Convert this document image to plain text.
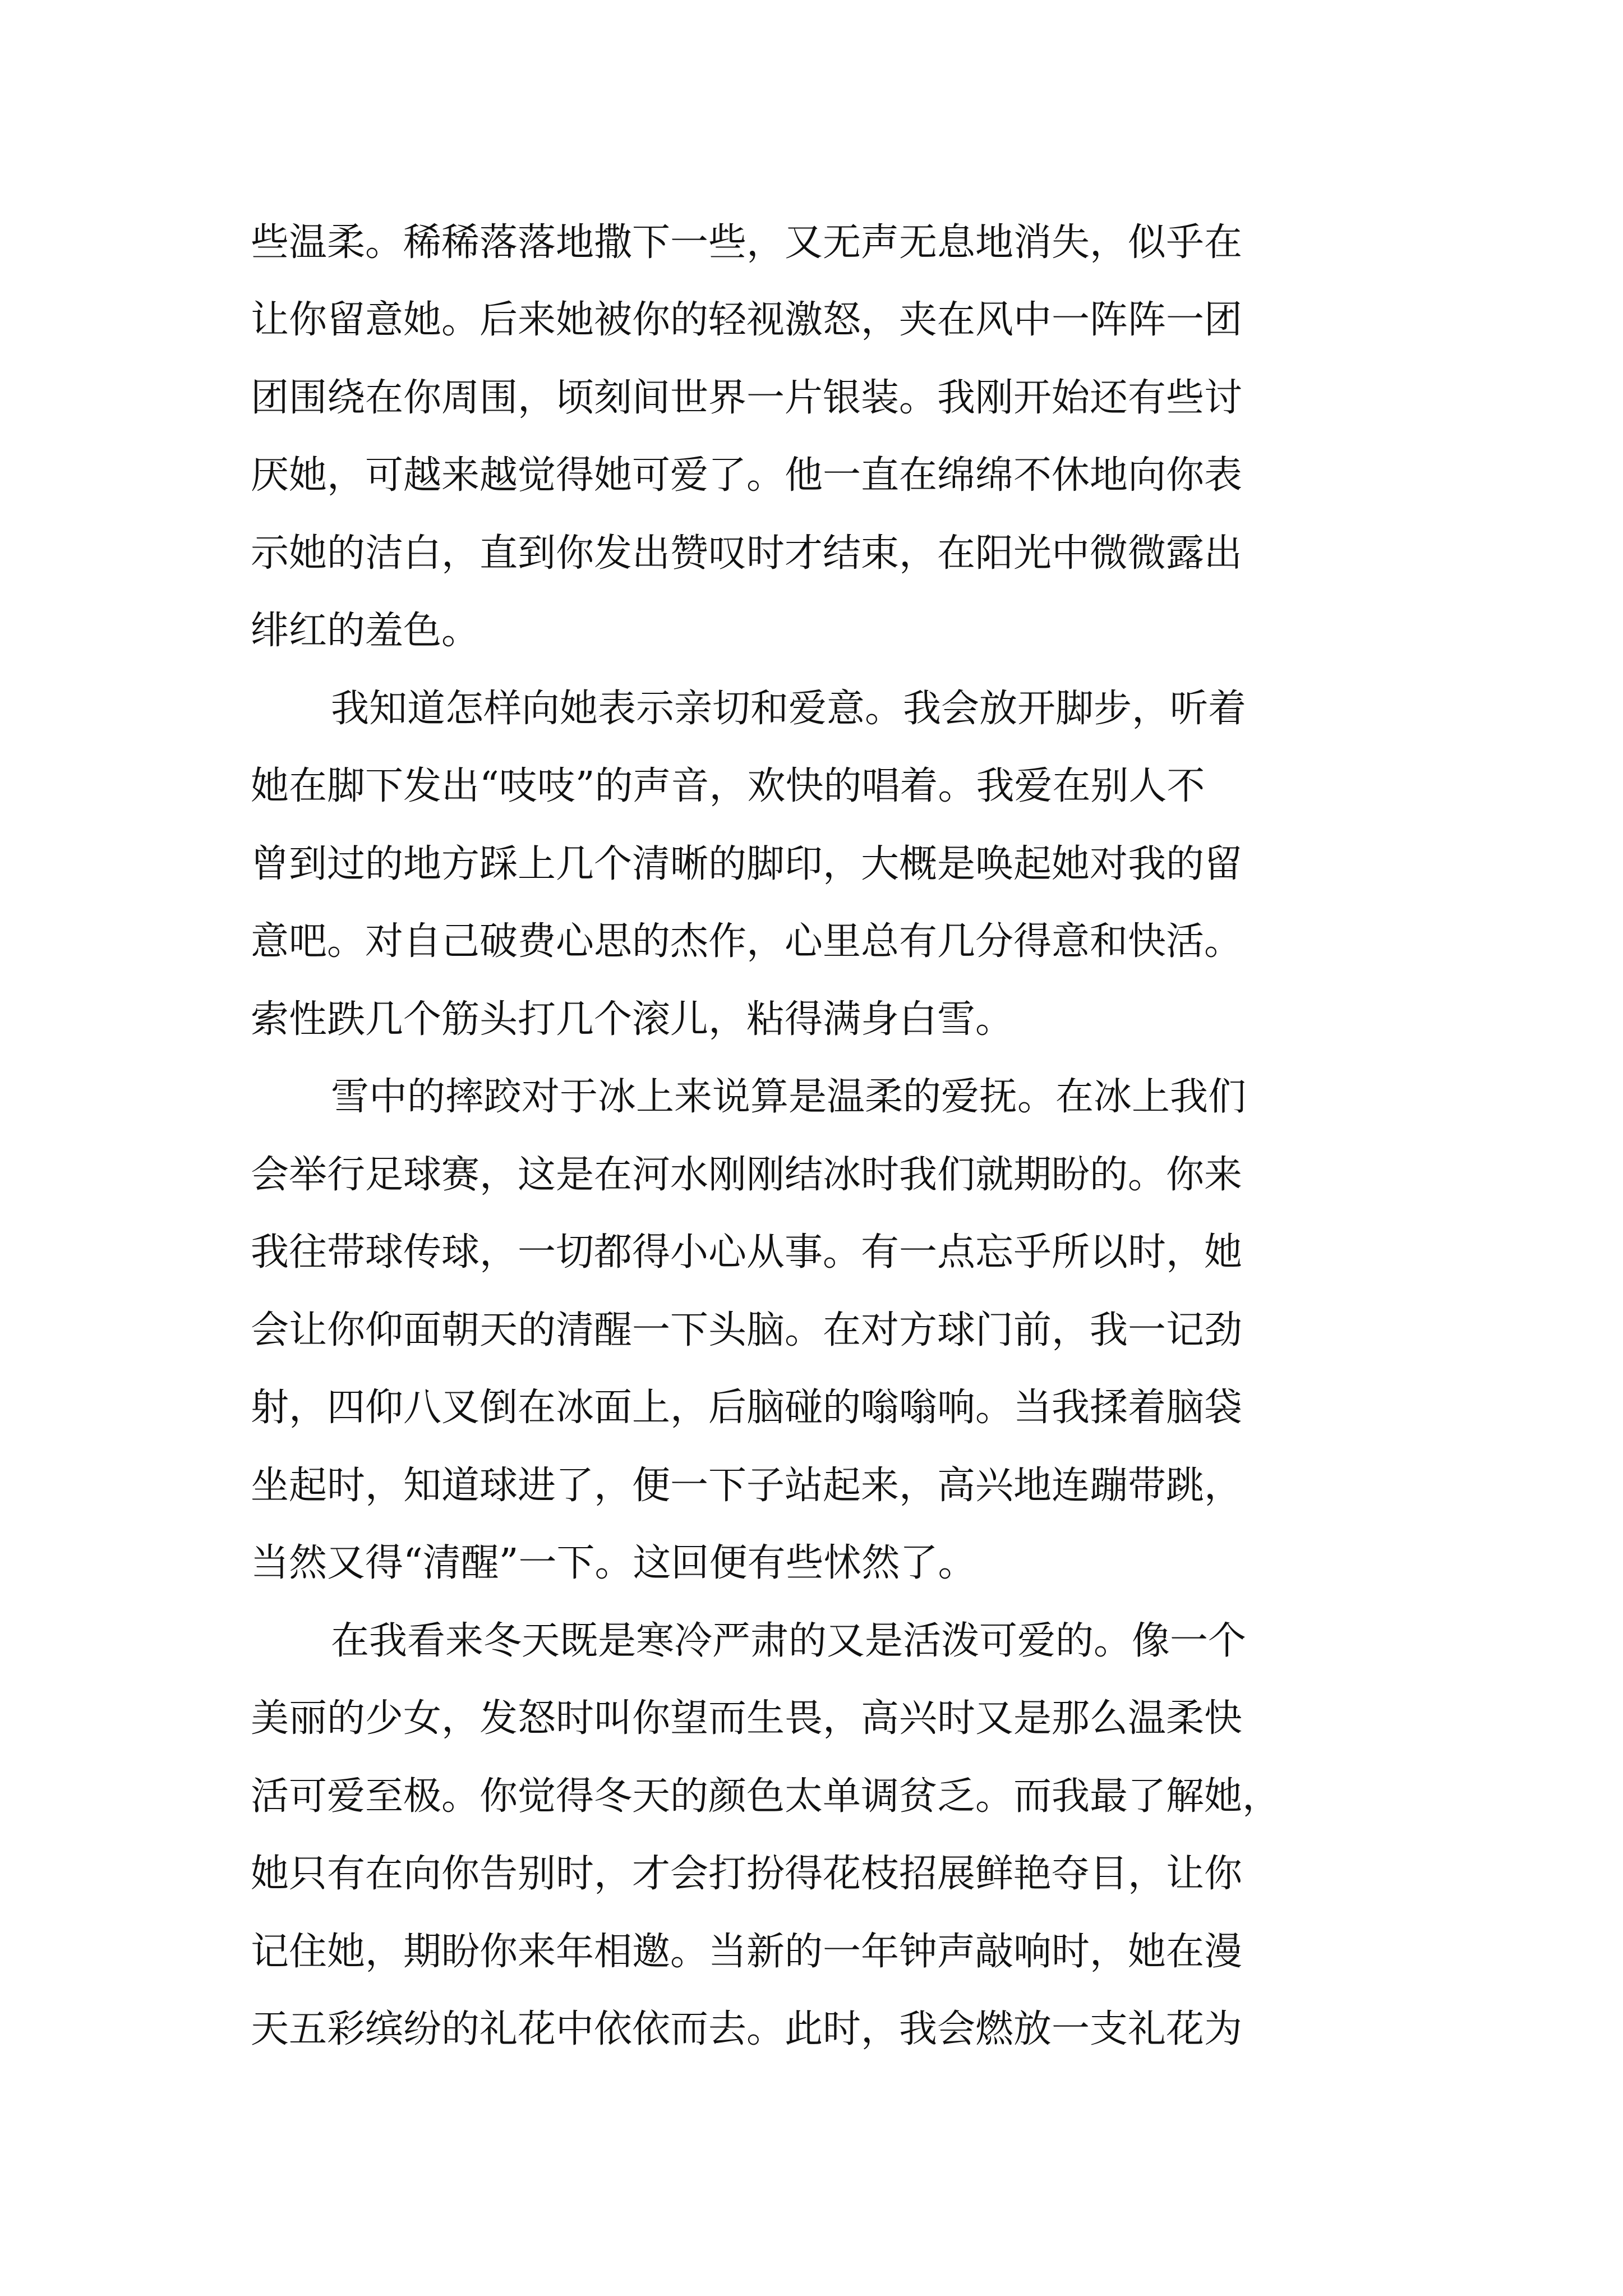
些温柔。稀稀落落地撒下一些，又无声无息地消失，似乎在
让你留意她。后来她被你的轻视激怒，夹在风中一阵阵一团
团围绕在你周围，顷刻间世界一片银装。我刚开始还有些讨
厌她，可越来越觉得她可爱了。他一直在绵绵不休地向你表
示她的洁白，直到你发出赞叹时才结束，在阳光中微微露出
绯红的羞色。
我知道怎样向她表示亲切和爱意。我会放开脚步，听着
她在脚下发出“吱吱”的声音，欢快的唱着。我爱在别人不
曾到过的地方踩上几个清晰的脚印，大概是唤起她对我的留
意吧。对自己破费心思的杰作，心里总有几分得意和快活。
索性跌几个筋头打几个滚儿，粘得满身白雪。
雪中的摔跤对于冰上来说算是温柔的爱抚。在冰上我们
会举行足球赛，这是在河水刚刚结冰时我们就期盼的。你来
我往带球传球，一切都得小心从事。有一点忘乎所以时，她
会让你仰面朝天的清醒一下头脑。在对方球门前，我一记劲
射，四仰八叉倒在冰面上，后脑碰的嗡嗡响。当我揉着脑袋
坐起时，知道球进了，便一下子站起来，高兴地连蹦带跳，
当然又得“清醒”一下。这回便有些怵然了。
在我看来冬天既是寒冷严肃的又是活泼可爱的。像一个
美丽的少女，发怒时叫你望而生畏，高兴时又是那么温柔快
活可爱至极。你觉得冬天的颜色太单调贫乏。而我最了解她，
她只有在向你告别时，才会打扮得花枝招展鲜艳夺目，让你
记住她，期盼你来年相邀。当新的一年钟声敲响时，她在漫
天五彩缤纷的礼花中依依而去。此时，我会燃放一支礼花为
